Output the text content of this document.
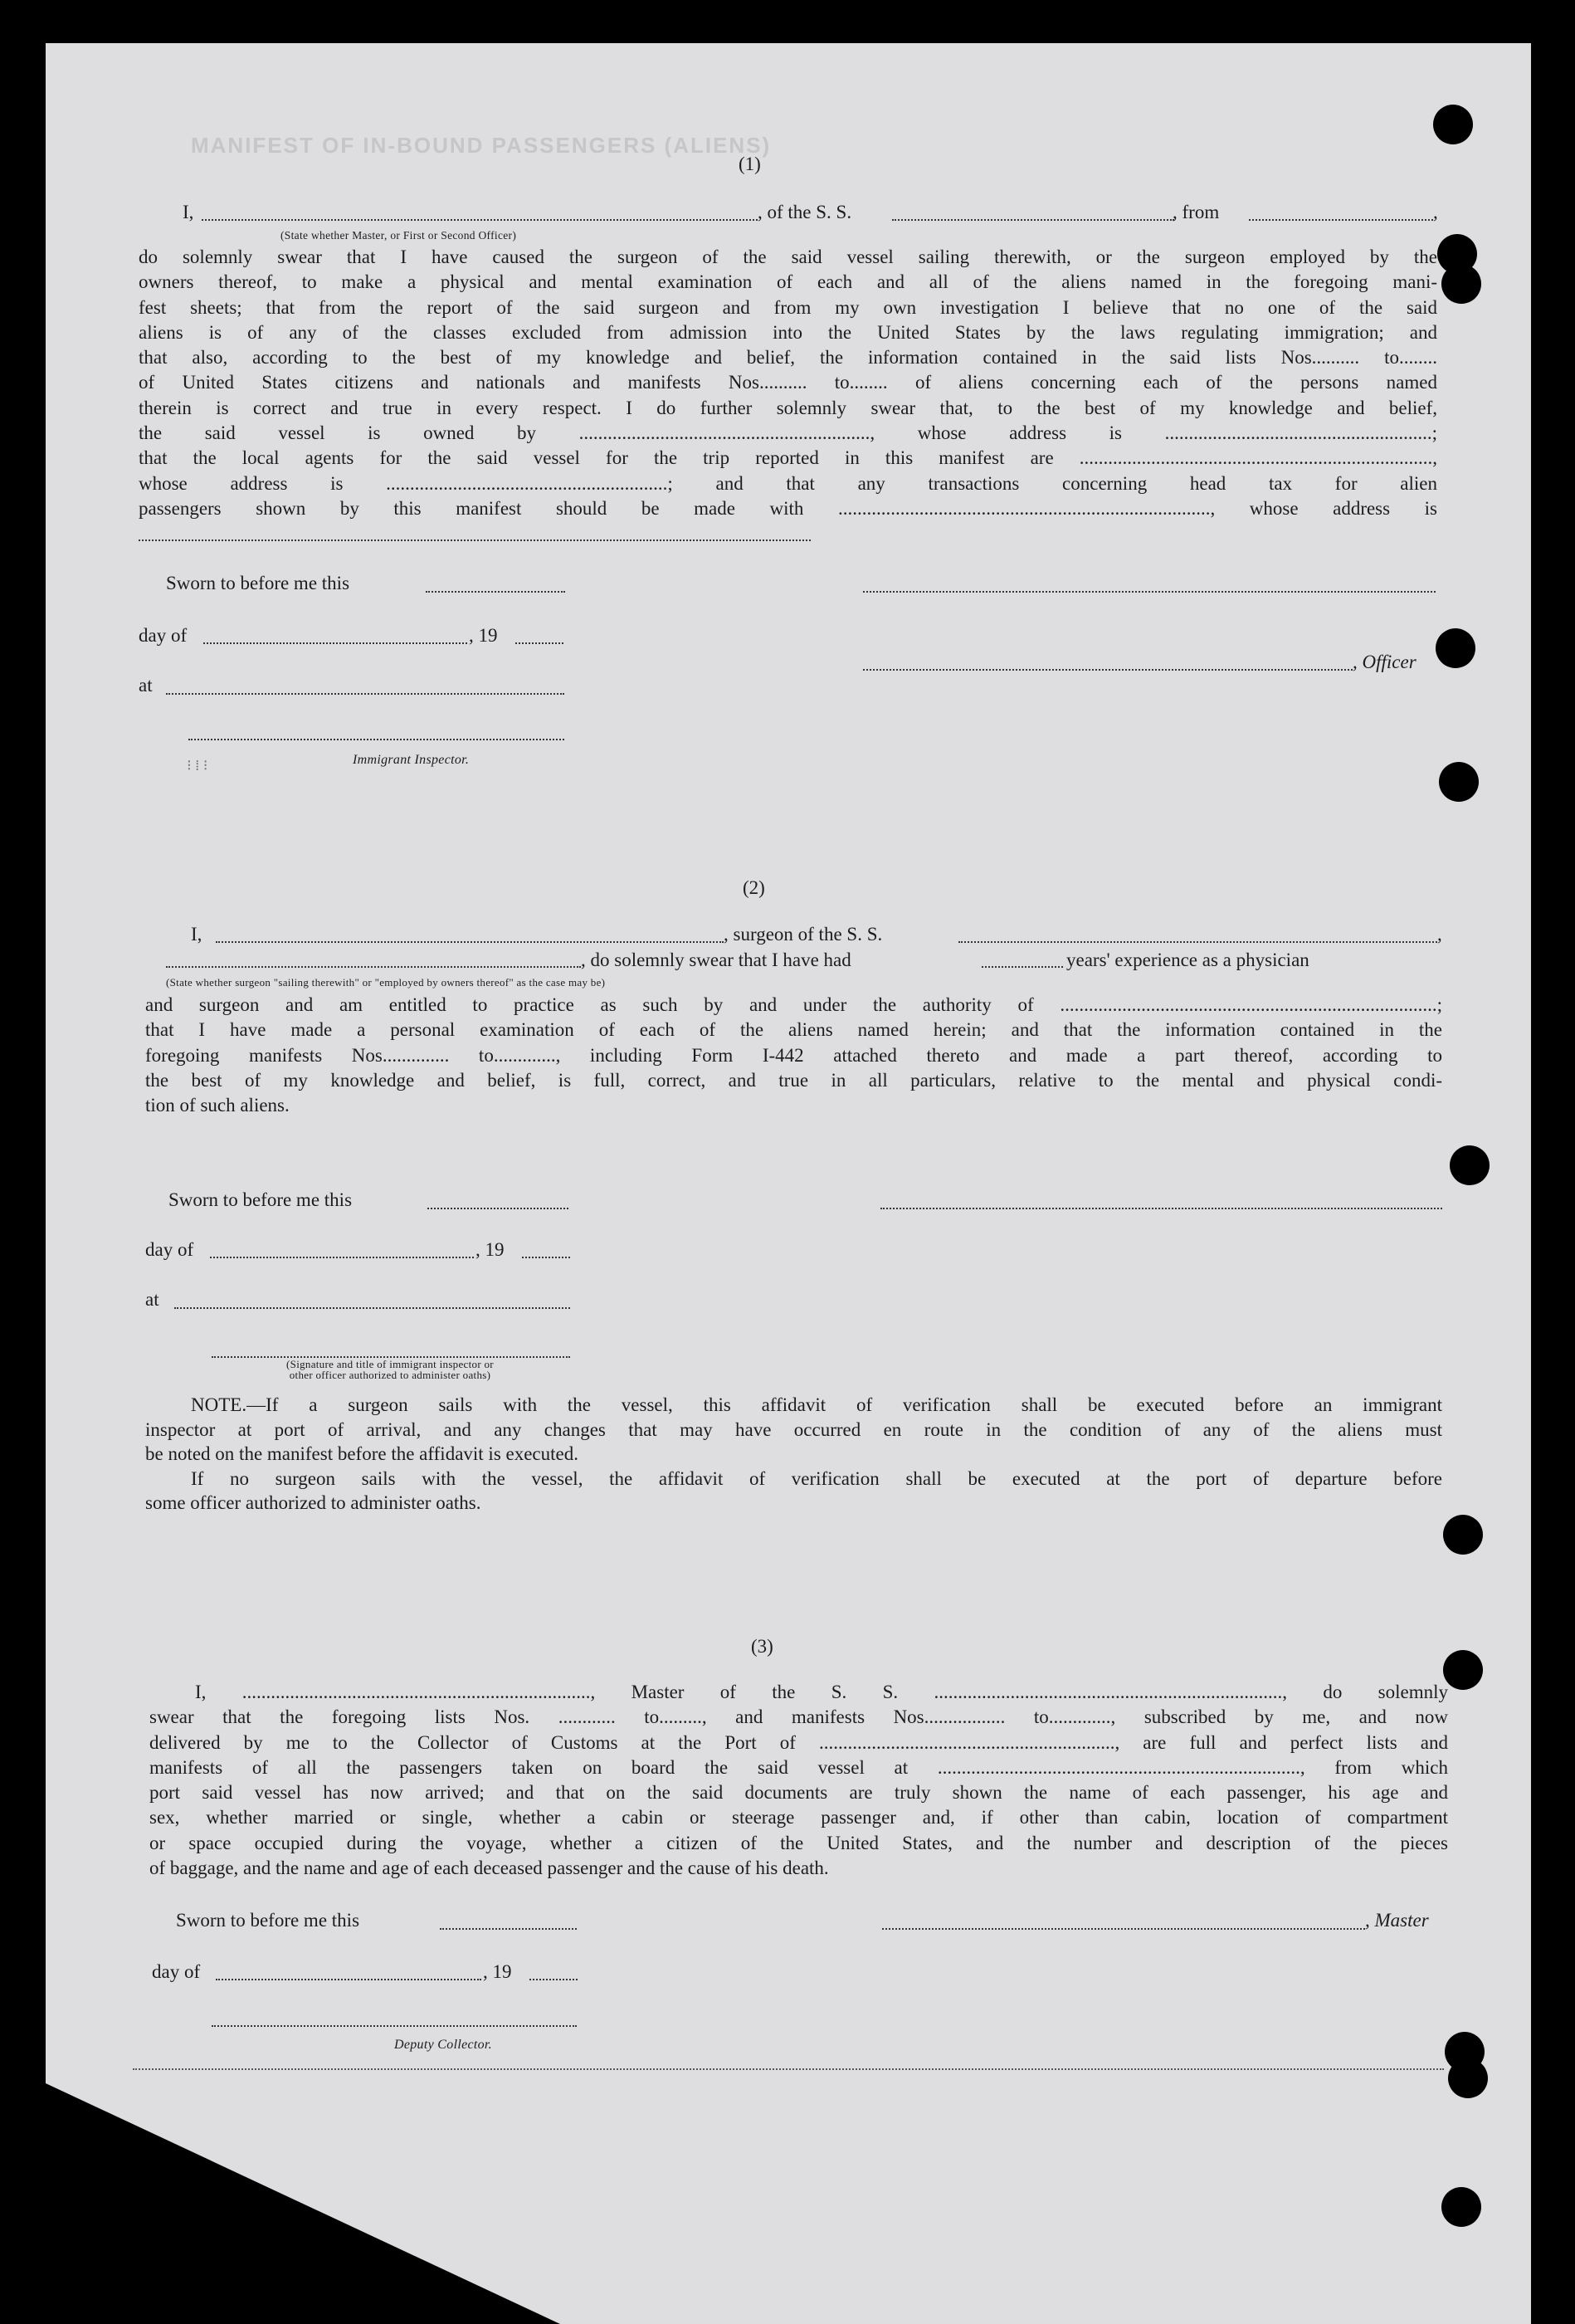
MANIFEST OF IN-BOUND PASSENGERS (ALIENS)
(1)
I,	, of the S. S.	, from	,
(State whether Master, or First or Second Officer)
do solemnly swear that I have caused the surgeon of the said vessel sailing therewith, or the surgeon employed by the
owners thereof, to make a physical and mental examination of each and all of the aliens named in the foregoing mani-
fest sheets; that from the report of the said surgeon and from my own investigation I believe that no one of the said
aliens is of any of the classes excluded from admission into the United States by the laws regulating immigration; and
that also, according to the best of my knowledge and belief, the information contained in the said lists Nos.......... to........
of United States citizens and nationals and manifests Nos.......... to........ of aliens concerning each of the persons named
therein is correct and true in every respect. I do further solemnly swear that, to the best of my knowledge and belief,
the said vessel is owned by ............................................................., whose address is ........................................................;
that the local agents for the said vessel for the trip reported in this manifest are ..........................................................................,
whose address is ...........................................................; and that any transactions concerning head tax for alien
passengers shown by this manifest should be made with .............................................................................., whose address is
Sworn to before me this
day of	, 19
, Officer
at
Immigrant Inspector.
⁝ ⁞ ⁝
(2)
I,	, surgeon of the S. S.	,
, do solemnly swear that I have had	years' experience as a physician
(State whether surgeon "sailing therewith" or "employed by owners thereof" as the case may be)
and surgeon and am entitled to practice as such by and under the authority of ...............................................................................;
that I have made a personal examination of each of the aliens named herein; and that the information contained in the
foregoing manifests Nos.............. to............., including Form I-442 attached thereto and made a part thereof, according to
the best of my knowledge and belief, is full, correct, and true in all particulars, relative to the mental and physical condi-
tion of such aliens.
Sworn to before me this
day of	, 19
at
(Signature and title of immigrant inspector or
other officer authorized to administer oaths)
NOTE.—If a surgeon sails with the vessel, this affidavit of verification shall be executed before an immigrant
inspector at port of arrival, and any changes that may have occurred en route in the condition of any of the aliens must
be noted on the manifest before the affidavit is executed.
If no surgeon sails with the vessel, the affidavit of verification shall be executed at the port of departure before
some officer authorized to administer oaths.
(3)
I, ........................................................................., Master of the S. S. ........................................................................., do solemnly
swear that the foregoing lists Nos. ............ to........., and manifests Nos................. to............., subscribed by me, and now
delivered by me to the Collector of Customs at the Port of .............................................................., are full and perfect lists and
manifests of all the passengers taken on board the said vessel at ............................................................................, from which
port said vessel has now arrived; and that on the said documents are truly shown the name of each passenger, his age and
sex, whether married or single, whether a cabin or steerage passenger and, if other than cabin, location of compartment
or space occupied during the voyage, whether a citizen of the United States, and the number and description of the pieces
of baggage, and the name and age of each deceased passenger and the cause of his death.
Sworn to before me this	, Master
day of	, 19
Deputy Collector.
